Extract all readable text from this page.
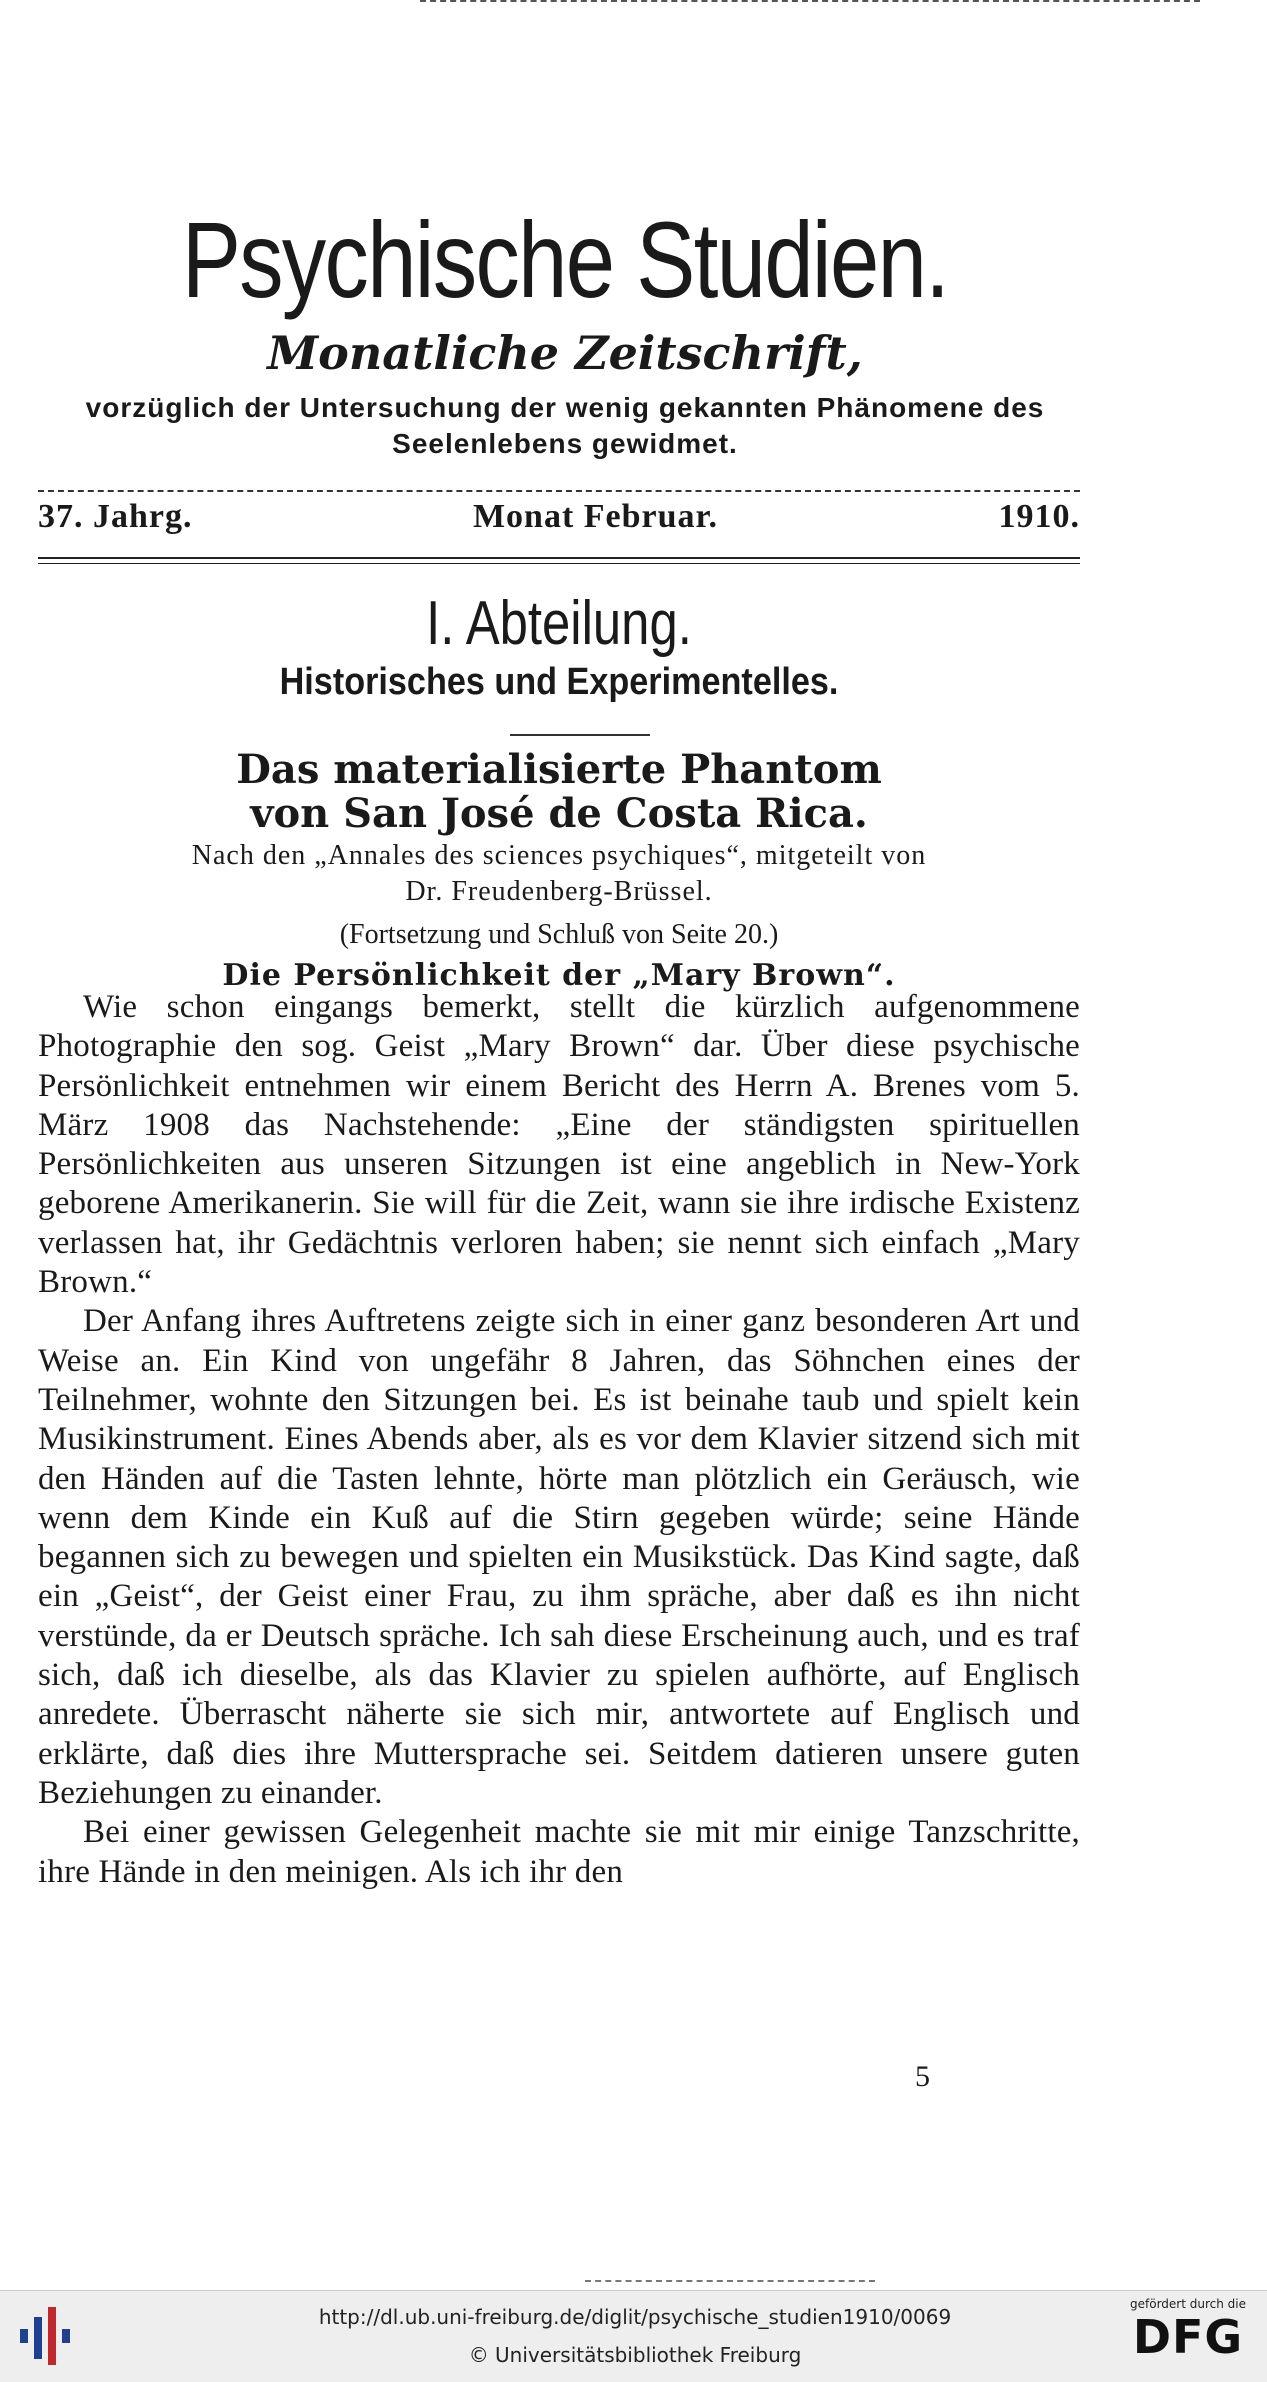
Psychische Studien.
Monatliche Zeitschrift,
vorzüglich der Untersuchung der wenig gekannten Phänomene des
Seelenlebens gewidmet.
37. Jahrg.	Monat Februar.	1910.
I. Abteilung.
Historisches und Experimentelles.
Das materialisierte Phantom
von San José de Costa Rica.
Nach den „Annales des sciences psychiques“, mitgeteilt von
Dr. Freudenberg-Brüssel.
(Fortsetzung und Schluß von Seite 20.)
Die Persönlichkeit der „Mary Brown“.

Wie schon eingangs bemerkt, stellt die kürzlich aufgenommene Photographie den sog. Geist „Mary Brown“ dar. Über diese psychische Persönlichkeit entnehmen wir einem Bericht des Herrn A. Brenes vom 5. März 1908 das Nachstehende: „Eine der ständigsten spirituellen Persönlichkeiten aus unseren Sitzungen ist eine angeblich in New-York geborene Amerikanerin. Sie will für die Zeit, wann sie ihre irdische Existenz verlassen hat, ihr Gedächtnis verloren haben; sie nennt sich einfach „Mary Brown.“

Der Anfang ihres Auftretens zeigte sich in einer ganz besonderen Art und Weise an. Ein Kind von ungefähr 8 Jahren, das Söhnchen eines der Teilnehmer, wohnte den Sitzungen bei. Es ist beinahe taub und spielt kein Musikinstrument. Eines Abends aber, als es vor dem Klavier sitzend sich mit den Händen auf die Tasten lehnte, hörte man plötzlich ein Geräusch, wie wenn dem Kinde ein Kuß auf die Stirn gegeben würde; seine Hände begannen sich zu bewegen und spielten ein Musikstück. Das Kind sagte, daß ein „Geist“, der Geist einer Frau, zu ihm spräche, aber daß es ihn nicht verstünde, da er Deutsch spräche. Ich sah diese Erscheinung auch, und es traf sich, daß ich dieselbe, als das Klavier zu spielen aufhörte, auf Englisch anredete. Überrascht näherte sie sich mir, antwortete auf Englisch und erklärte, daß dies ihre Muttersprache sei. Seitdem datieren unsere guten Beziehungen zu einander.

Bei einer gewissen Gelegenheit machte sie mit mir einige Tanzschritte, ihre Hände in den meinigen. Als ich ihr den

5
http://dl.ub.uni-freiburg.de/diglit/psychische_studien1910/0069
© Universitätsbibliothek Freiburg
gefördert durch die
DFG
